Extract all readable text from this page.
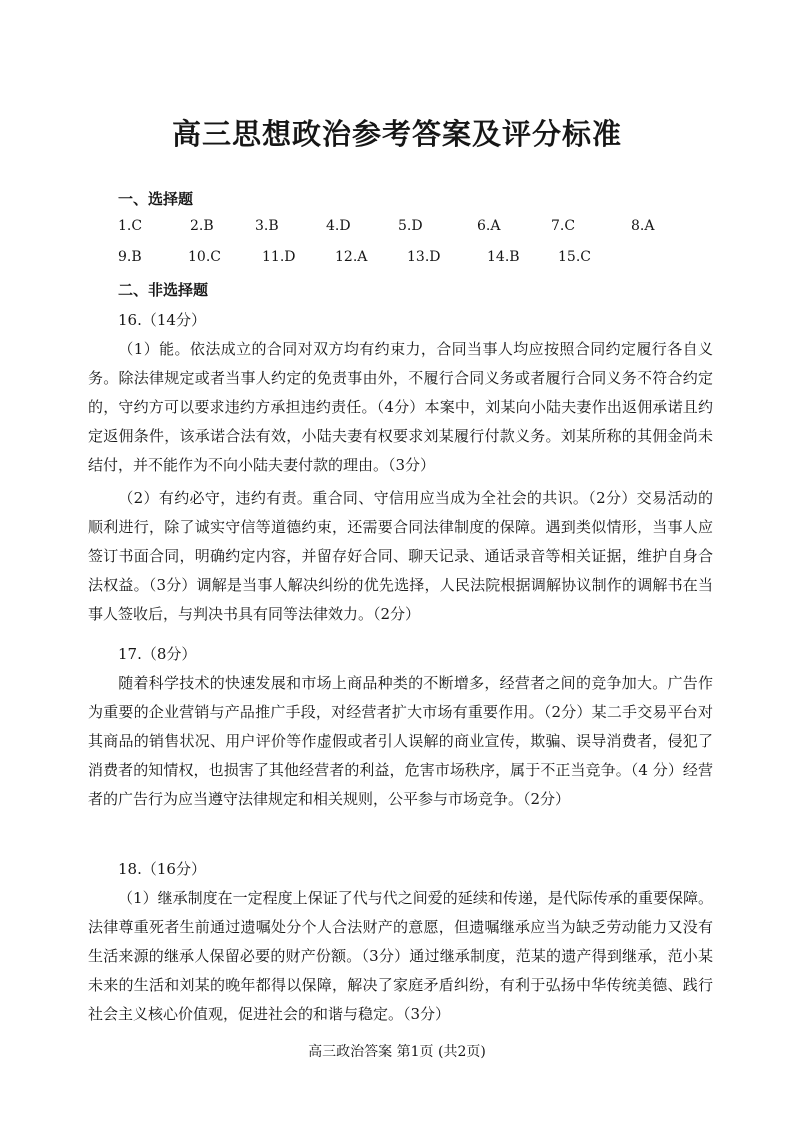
高三思想政治参考答案及评分标准
一、选择题
1.C	2.B	3.B	4.D	5.D	6.A	7.C	8.A
9.B	10.C	11.D	12.A	13.D	14.B	15.C
二、非选择题
16.（14分）
（1）能。依法成立的合同对双方均有约束力，合同当事人均应按照合同约定履行各自义务。除法律规定或者当事人约定的免责事由外，不履行合同义务或者履行合同义务不符合约定的，守约方可以要求违约方承担违约责任。（4分）本案中，刘某向小陆夫妻作出返佣承诺且约定返佣条件，该承诺合法有效，小陆夫妻有权要求刘某履行付款义务。刘某所称的其佣金尚未结付，并不能作为不向小陆夫妻付款的理由。（3分）
（2）有约必守，违约有责。重合同、守信用应当成为全社会的共识。（2分）交易活动的顺利进行，除了诚实守信等道德约束，还需要合同法律制度的保障。遇到类似情形，当事人应签订书面合同，明确约定内容，并留存好合同、聊天记录、通话录音等相关证据，维护自身合法权益。（3分）调解是当事人解决纠纷的优先选择，人民法院根据调解协议制作的调解书在当事人签收后，与判决书具有同等法律效力。（2分）
17.（8分）
随着科学技术的快速发展和市场上商品种类的不断增多，经营者之间的竞争加大。广告作为重要的企业营销与产品推广手段，对经营者扩大市场有重要作用。（2分）某二手交易平台对其商品的销售状况、用户评价等作虚假或者引人误解的商业宣传，欺骗、误导消费者，侵犯了消费者的知情权，也损害了其他经营者的利益，危害市场秩序，属于不正当竞争。（4 分）经营者的广告行为应当遵守法律规定和相关规则，公平参与市场竞争。（2分）
18.（16分）
（1）继承制度在一定程度上保证了代与代之间爱的延续和传递，是代际传承的重要保障。法律尊重死者生前通过遗嘱处分个人合法财产的意愿，但遗嘱继承应当为缺乏劳动能力又没有生活来源的继承人保留必要的财产份额。（3分）通过继承制度，范某的遗产得到继承，范小某未来的生活和刘某的晚年都得以保障，解决了家庭矛盾纠纷，有利于弘扬中华传统美德、践行社会主义核心价值观，促进社会的和谐与稳定。（3分）
高三政治答案 第1页 (共2页)
